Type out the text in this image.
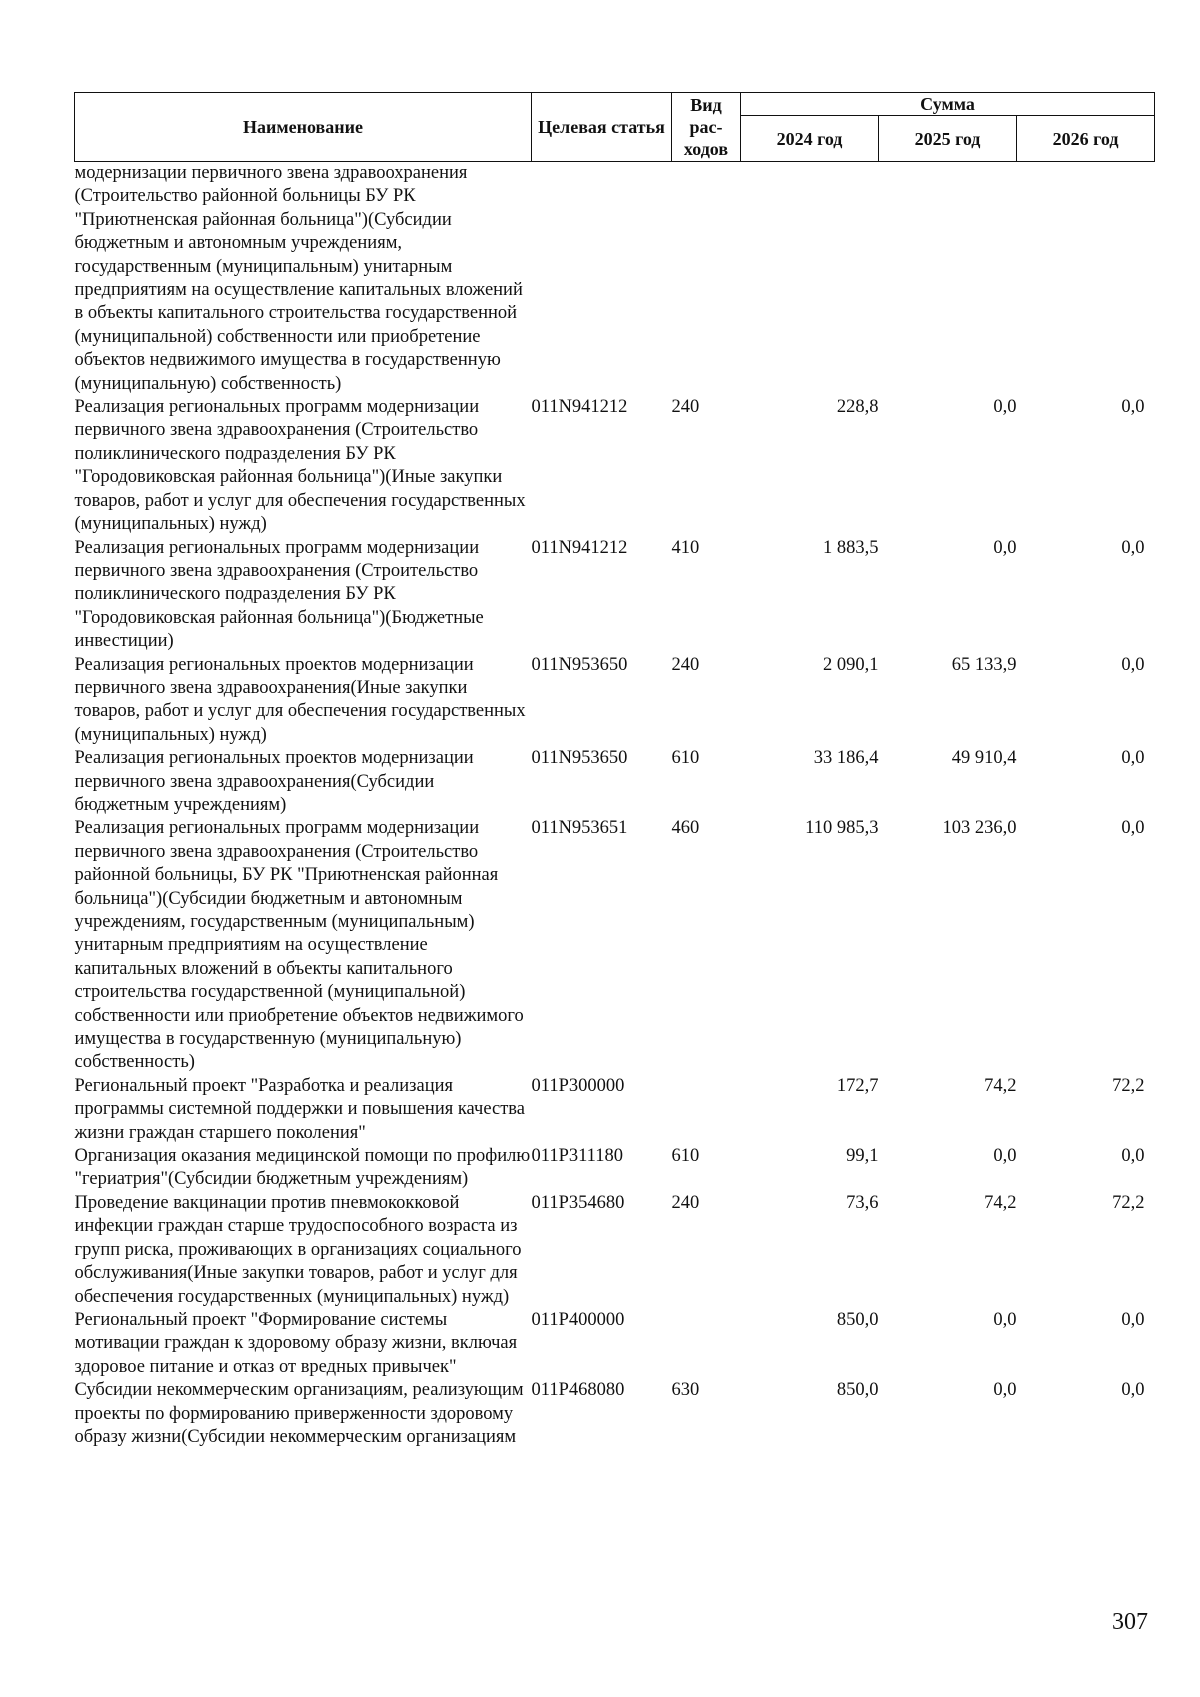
Наименование	Целевая статья	Вид рас-ходов	Сумма		
			2024 год	2025 год	2026 год
модернизации первичного звена здравоохранения (Строительство районной больницы БУ РК "Приютненская районная больница")(Субсидии бюджетным и автономным учреждениям, государственным (муниципальным) унитарным предприятиям на осуществление капитальных вложений в объекты капитального строительства государственной (муниципальной) собственности или приобретение объектов недвижимого имущества в государственную (муниципальную) собственность)					
Реализация региональных программ модернизации первичного звена здравоохранения (Строительство поликлинического подразделения БУ РК "Городовиковская районная больница")(Иные закупки товаров, работ и услуг для обеспечения государственных (муниципальных) нужд)	011N941212	240	228,8	0,0	0,0
Реализация региональных программ модернизации первичного звена здравоохранения (Строительство поликлинического подразделения БУ РК "Городовиковская районная больница")(Бюджетные инвестиции)	011N941212	410	1 883,5	0,0	0,0
Реализация региональных проектов модернизации первичного звена здравоохранения(Иные закупки товаров, работ и услуг для обеспечения государственных (муниципальных) нужд)	011N953650	240	2 090,1	65 133,9	0,0
Реализация региональных проектов модернизации первичного звена здравоохранения(Субсидии бюджетным учреждениям)	011N953650	610	33 186,4	49 910,4	0,0
Реализация региональных программ модернизации первичного звена здравоохранения (Строительство районной больницы, БУ РК "Приютненская районная больница")(Субсидии бюджетным и автономным учреждениям, государственным (муниципальным) унитарным предприятиям на осуществление капитальных вложений в объекты капитального строительства государственной (муниципальной) собственности или приобретение объектов недвижимого имущества в государственную (муниципальную) собственность)	011N953651	460	110 985,3	103 236,0	0,0
Региональный проект "Разработка и реализация программы системной поддержки и повышения качества жизни граждан старшего поколения"	011P300000		172,7	74,2	72,2
Организация оказания медицинской помощи по профилю "гериатрия"(Субсидии бюджетным учреждениям)	011P311180	610	99,1	0,0	0,0
Проведение вакцинации против пневмококковой инфекции граждан старше трудоспособного возраста из групп риска, проживающих в организациях социального обслуживания(Иные закупки товаров, работ и услуг для обеспечения государственных (муниципальных) нужд)	011P354680	240	73,6	74,2	72,2
Региональный проект "Формирование системы мотивации граждан к здоровому образу жизни, включая здоровое питание и отказ от вредных привычек"	011P400000		850,0	0,0	0,0
Субсидии некоммерческим организациям, реализующим проекты по формированию приверженности здоровому образу жизни(Субсидии некоммерческим организациям	011P468080	630	850,0	0,0	0,0
307
